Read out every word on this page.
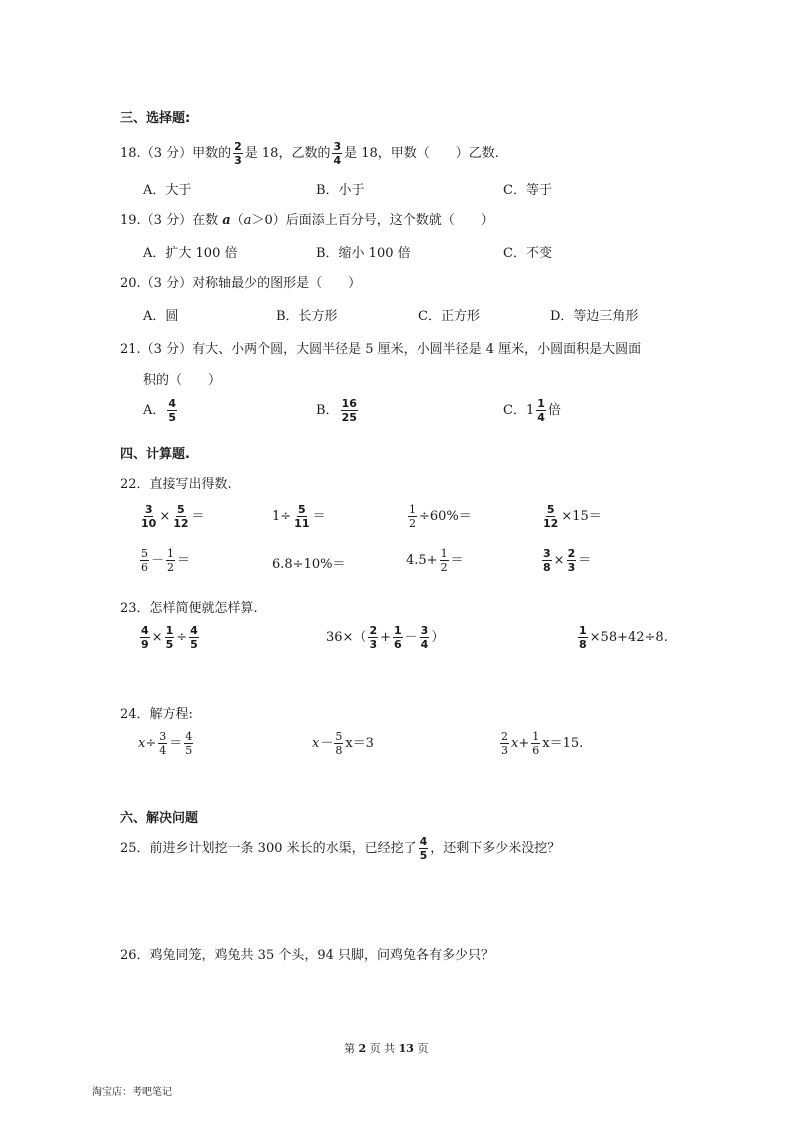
三、选择题:
18.（3 分）甲数的 $\frac{2}{3}$ 是 18，乙数的 $\frac{3}{4}$ 是 18，甲数（　　）乙数.
A．大于	B．小于	C．等于
19.（3 分）在数 a（a＞0）后面添上百分号，这个数就（　　）
A．扩大 100 倍	B．缩小 100 倍	C．不变
20.（3 分）对称轴最少的图形是（　　）
A．圆	B．长方形	C．正方形	D．等边三角形
21.（3 分）有大、小两个圆，大圆半径是 5 厘米，小圆半径是 4 厘米，小圆面积是大圆面
积的（　　）
A． $\frac{4}{5}$	B． $\frac{16}{25}$	C．$1 \frac{1}{4}$ 倍
四、计算题.
22．直接写出得数.
$\frac{3}{10} \times \frac{5}{12}$ ＝	$1\div \frac{5}{11}$ ＝	$\frac{1}{2} \div 60\%=$	$\frac{5}{12} \times 15=$
$\frac{5}{6} - \frac{1}{2}$ ＝	6.8÷10%＝	$4.5+ \frac{1}{2}$ ＝	$\frac{3}{8} \times \frac{2}{3}$ ＝
23．怎样简便就怎样算.
$\frac{4}{9} \times \frac{1}{5} \div \frac{4}{5}$	$36\times( \frac{2}{3} + \frac{1}{6} - \frac{3}{4}$ ）	$\frac{1}{8} \times 58+42\div 8$.
24．解方程:
$x\div \frac{3}{4} = \frac{4}{5}$	$x- \frac{5}{8} x=3$	$\frac{2}{3} x+ \frac{1}{6} x=15$.
六、解决问题
25．前进乡计划挖一条 300 米长的水渠，已经挖了 $\frac{4}{5}$ ，还剩下多少米没挖？
26．鸡兔同笼，鸡兔共 35 个头，94 只脚，问鸡兔各有多少只？
第 2 页 共 13 页
淘宝店：考吧笔记
